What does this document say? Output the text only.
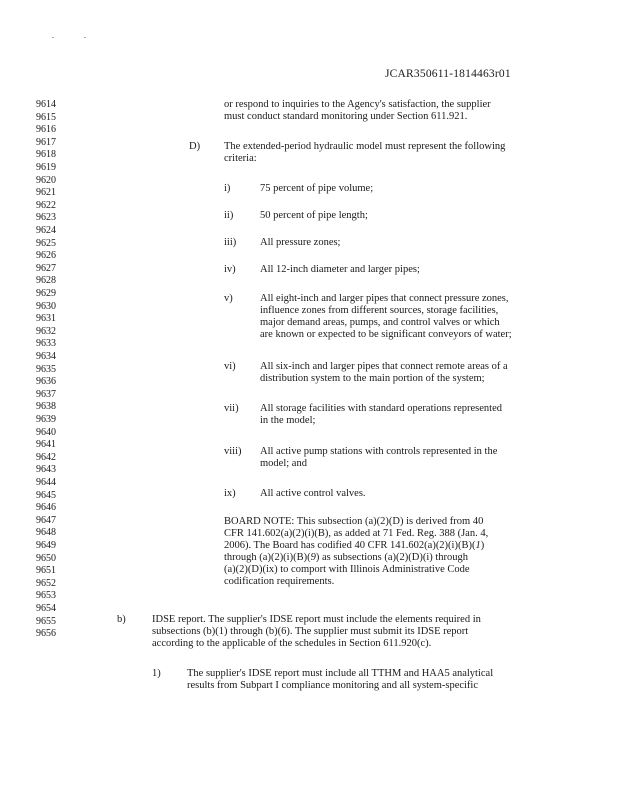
JCAR350611-1814463r01
9614
9615
9616
9617
9618
9619
9620
9621
9622
9623
9624
9625
9626
9627
9628
9629
9630
9631
9632
9633
9634
9635
9636
9637
9638
9639
9640
9641
9642
9643
9644
9645
9646
9647
9648
9649
9650
9651
9652
9653
9654
9655
9656
or respond to inquiries to the Agency's satisfaction, the supplier
must conduct standard monitoring under Section 611.921.
D) The extended-period hydraulic model must represent the following
criteria:
i)	75 percent of pipe volume;
ii)	50 percent of pipe length;
iii) All pressure zones;
iv) All 12-inch diameter and larger pipes;
v)	All eight-inch and larger pipes that connect pressure zones,
influence zones from different sources, storage facilities,
major demand areas, pumps, and control valves or which
are known or expected to be significant conveyors of water;
vi) All six-inch and larger pipes that connect remote areas of a
distribution system to the main portion of the system;
vii) All storage facilities with standard operations represented
in the model;
viii) All active pump stations with controls represented in the
model; and
ix) All active control valves.
BOARD NOTE: This subsection (a)(2)(D) is derived from 40
CFR 141.602(a)(2)(i)(B), as added at 71 Fed. Reg. 388 (Jan. 4,
2006). The Board has codified 40 CFR 141.602(a)(2)(i)(B)(1)
through (a)(2)(i)(B)(9) as subsections (a)(2)(D)(i) through
(a)(2)(D)(ix) to comport with Illinois Administrative Code
codification requirements.
b)	IDSE report. The supplier's IDSE report must include the elements required in
subsections (b)(1) through (b)(6). The supplier must submit its IDSE report
according to the applicable of the schedules in Section 611.920(c).
1)	The supplier's IDSE report must include all TTHM and HAA5 analytical
results from Subpart I compliance monitoring and all system-specific
